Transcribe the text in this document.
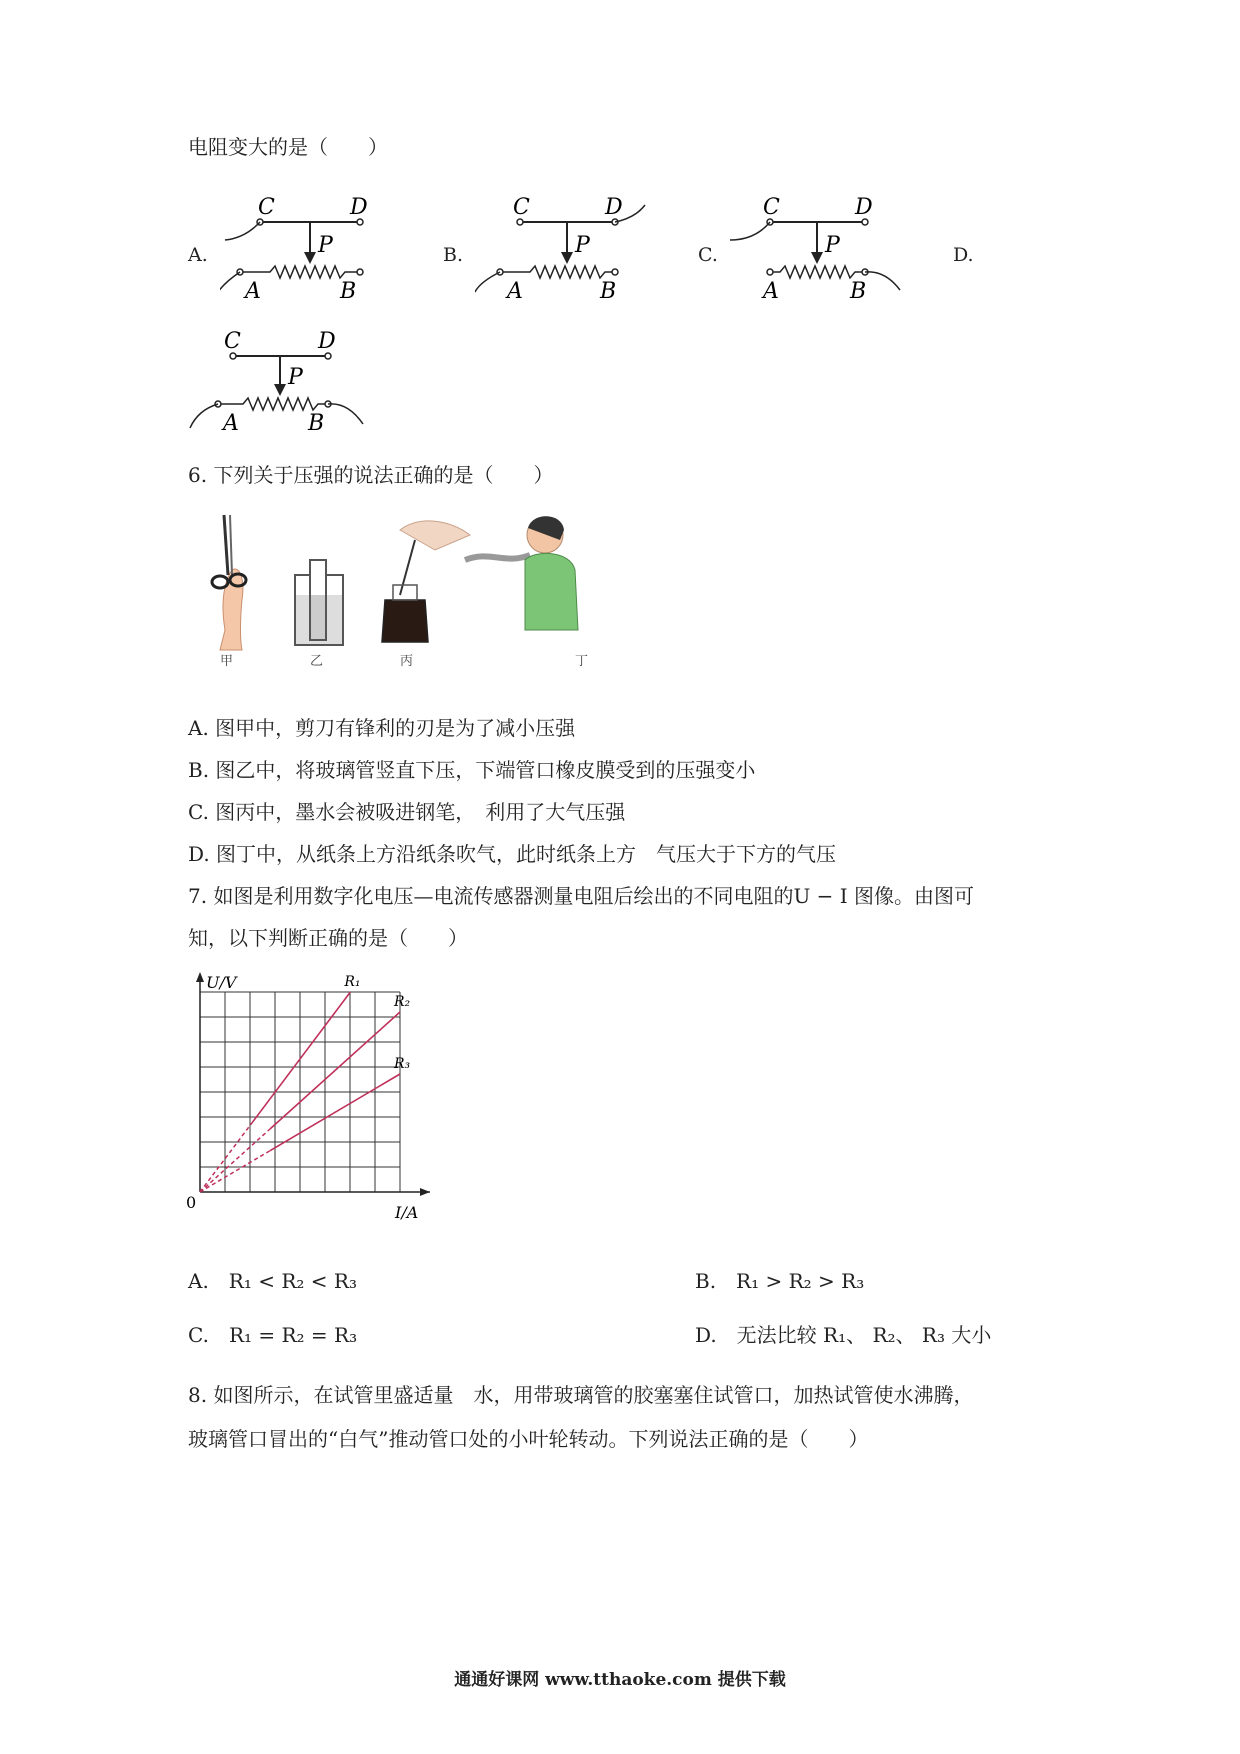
电阻变大的是（　　）
A.	B.	C.	D.
C	D
P
A	B
C	D
P
A	B
C	D
P
A	B
C	D
P
A	B
6. 下列关于压强的说法正确的是（　　）
甲	乙	丙	丁
A. 图甲中，剪刀有锋利的刃是为了减小压强
B. 图乙中，将玻璃管竖直下压，下端管口橡皮膜受到的压强变小
C. 图丙中，墨水会被吸进钢笔，　利用了大气压强
D. 图丁中，从纸条上方沿纸条吹气，此时纸条上方　气压大于下方的气压
7. 如图是利用数字化电压—电流传感器测量电阻后绘出的不同电阻的U − I 图像。由图可
知，以下判断正确的是（　　）
U/V
I/A
0
R₁
R₂
R₃
A.　R₁ < R₂ < R₃	B.　R₁ > R₂ > R₃
C.　R₁ = R₂ = R₃	D.　无法比较 R₁、 R₂、 R₃ 大小
8. 如图所示，在试管里盛适量　水，用带玻璃管的胶塞塞住试管口，加热试管使水沸腾，
玻璃管口冒出的“白气”推动管口处的小叶轮转动。下列说法正确的是（　　）
通通好课网 www.tthaoke.com 提供下载
